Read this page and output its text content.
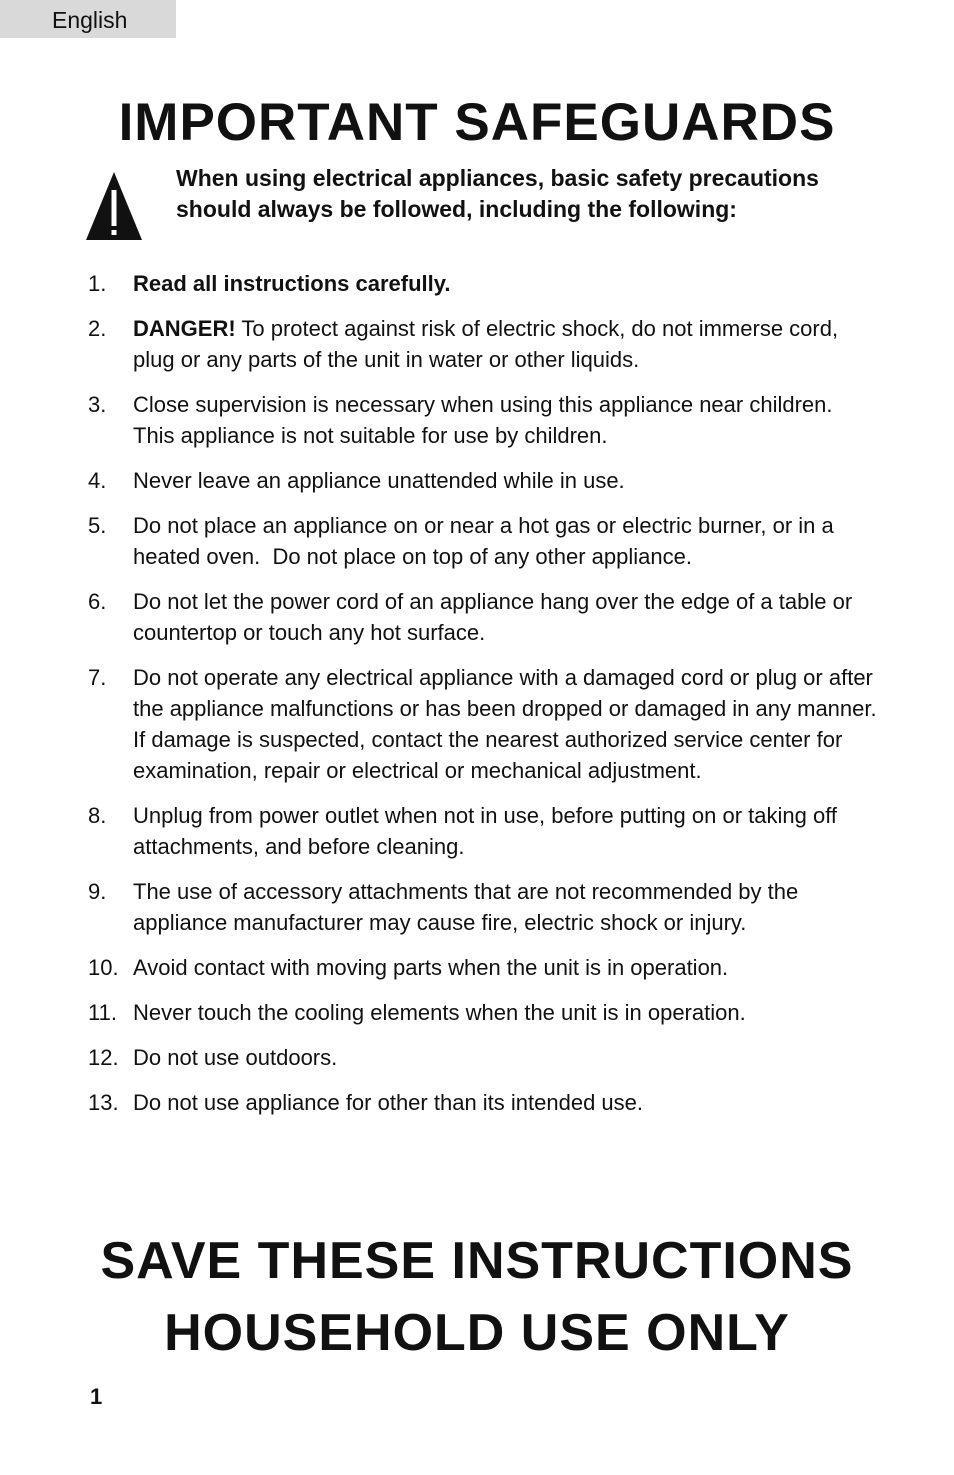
English
IMPORTANT SAFEGUARDS

When using electrical appliances, basic safety precautions should always be followed, including the following:

1. Read all instructions carefully.
2. DANGER! To protect against risk of electric shock, do not immerse cord, plug or any parts of the unit in water or other liquids.
3. Close supervision is necessary when using this appliance near children.  This appliance is not suitable for use by children.
4. Never leave an appliance unattended while in use.
5. Do not place an appliance on or near a hot gas or electric burner, or in a heated oven.  Do not place on top of any other appliance.
6. Do not let the power cord of an appliance hang over the edge of a table or countertop or touch any hot surface.
7. Do not operate any electrical appliance with a damaged cord or plug or after the appliance malfunctions or has been dropped or damaged in any manner. If damage is suspected, contact the nearest authorized service center for examination, repair or electrical or mechanical adjustment.
8. Unplug from power outlet when not in use, before putting on or taking off attachments, and before cleaning.
9. The use of accessory attachments that are not recommended by the appliance manufacturer may cause fire, electric shock or injury.
10. Avoid contact with moving parts when the unit is in operation.
11. Never touch the cooling elements when the unit is in operation.
12. Do not use outdoors.
13. Do not use appliance for other than its intended use.
SAVE THESE INSTRUCTIONS
HOUSEHOLD USE ONLY
1
